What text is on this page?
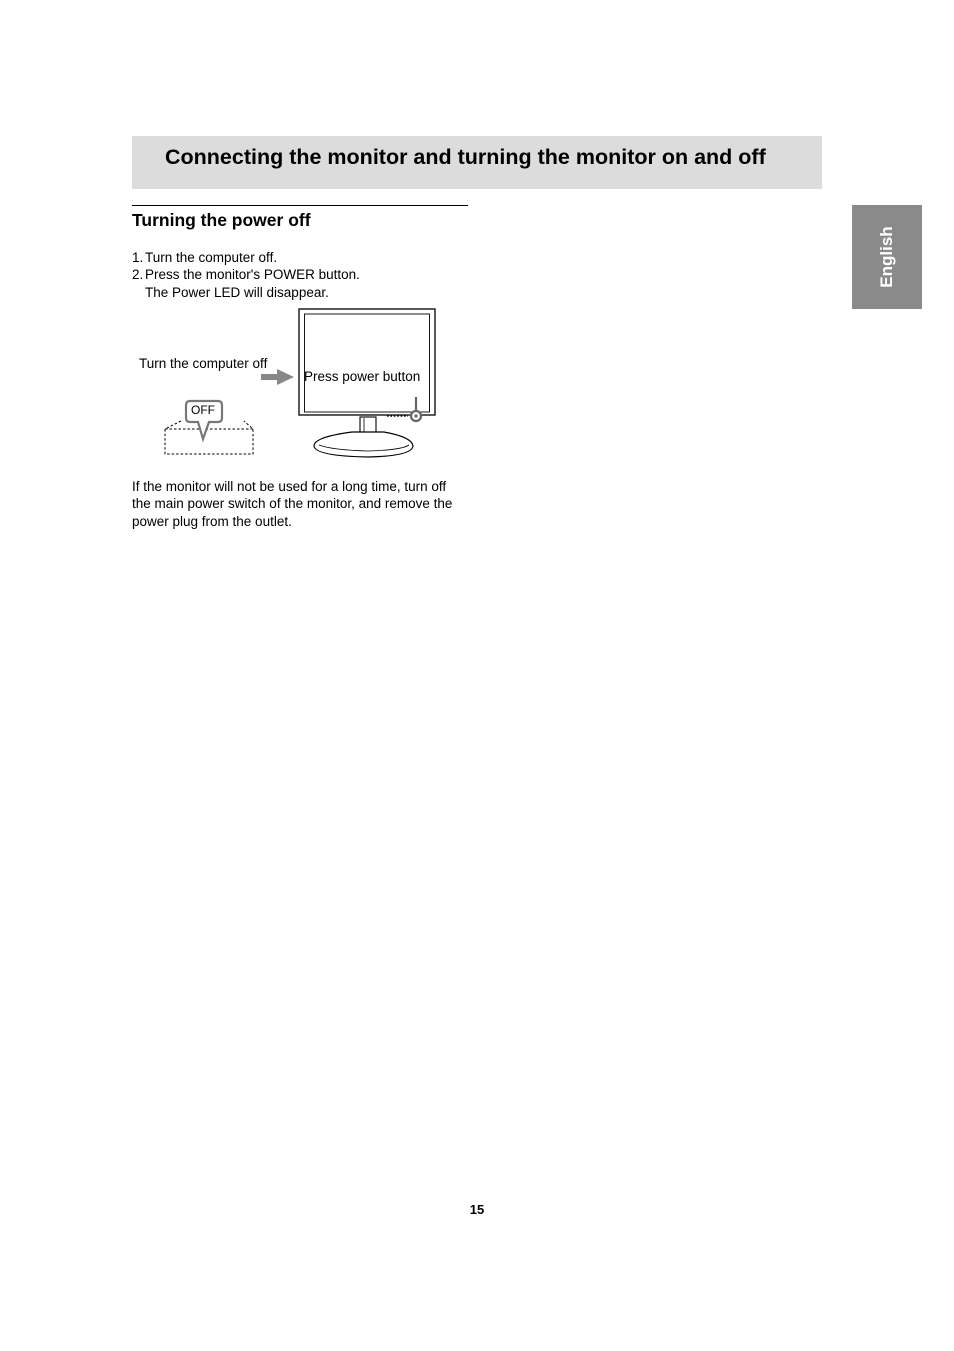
Connecting the monitor and turning the monitor on and off
English
Turning the power off
1. Turn the computer off.
2. Press the monitor's POWER button.
The Power LED will disappear.
Turn the computer off
Press power button
OFF

If the monitor will not be used for a long time, turn off the main power switch of the monitor, and remove the power plug from the outlet.

15
